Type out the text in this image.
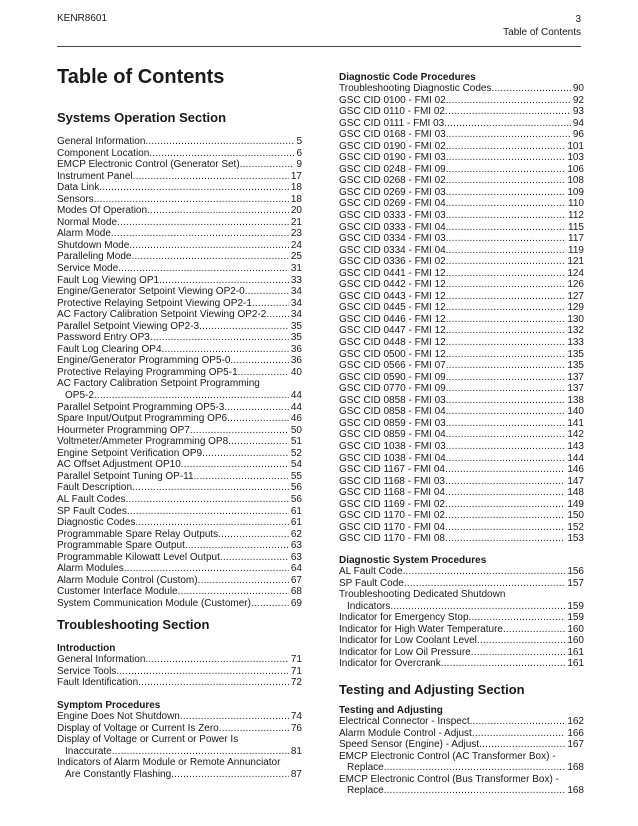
KENR8601	3
Table of Contents
Table of Contents
Systems Operation Section
General Information .....	5
Component Location .....	6
EMCP Electronic Control (Generator Set) .....	9
Instrument Panel .....	17
Data Link .....	18
Sensors .....	18
Modes Of Operation .....	20
Normal Mode .....	21
Alarm Mode .....	23
Shutdown Mode .....	24
Paralleling Mode .....	25
Service Mode .....	31
Fault Log Viewing OP1 .....	33
Engine/Generator Setpoint Viewing OP2-0 .....	34
Protective Relaying Setpoint Viewing OP2-1 .....	34
AC Factory Calibration Setpoint Viewing OP2-2 ..... 34
Parallel Setpoint Viewing OP2-3 .....	35
Password Entry OP3 .....	35
Fault Log Clearing OP4 .....	36
Engine/Generator Programming OP5-0 .....	36
Protective Relaying Programming OP5-1 .....	40
AC Factory Calibration Setpoint Programming
OP5-2 .....	44
Parallel Setpoint Programming OP5-3 .....	44
Spare Input/Output Programming OP6 .....	46
Hourmeter Programming OP7 .....	50
Voltmeter/Ammeter Programming OP8 .....	51
Engine Setpoint Verification OP9 .....	52
AC Offset Adjustment OP10 .....	54
Parallel Setpoint Tuning OP-11 .....	55
Fault Description .....	56
AL Fault Codes .....	56
SP Fault Codes .....	61
Diagnostic Codes .....	61
Programmable Spare Relay Outputs .....	62
Programmable Spare Output .....	63
Programmable Kilowatt Level Output .....	63
Alarm Modules .....	64
Alarm Module Control (Custom) .....	67
Customer Interface Module .....	68
System Communication Module (Customer) .....	69
Troubleshooting Section
Introduction
General Information .....	71
Service Tools .....	71
Fault Identification .....	72
Symptom Procedures
Engine Does Not Shutdown .....	74
Display of Voltage or Current Is Zero .....	76
Display of Voltage or Current or Power Is
Inaccurate .....	81
Indicators of Alarm Module or Remote Annunciator
Are Constantly Flashing .....	87
Diagnostic Code Procedures
Troubleshooting Diagnostic Codes .....	90
GSC CID 0100 - FMI 02 .....	92
GSC CID 0110 - FMI 02 .....	93
GSC CID 0111 - FMI 03 .....	94
GSC CID 0168 - FMI 03 .....	96
GSC CID 0190 - FMI 02 .....	101
GSC CID 0190 - FMI 03 .....	103
GSC CID 0248 - FMI 09 .....	106
GSC CID 0268 - FMI 02 .....	108
GSC CID 0269 - FMI 03 .....	109
GSC CID 0269 - FMI 04 .....	110
GSC CID 0333 - FMI 03 .....	112
GSC CID 0333 - FMI 04 .....	115
GSC CID 0334 - FMI 03 .....	117
GSC CID 0334 - FMI 04 .....	119
GSC CID 0336 - FMI 02 .....	121
GSC CID 0441 - FMI 12 .....	124
GSC CID 0442 - FMI 12 .....	126
GSC CID 0443 - FMI 12 .....	127
GSC CID 0445 - FMI 12 .....	129
GSC CID 0446 - FMI 12 .....	130
GSC CID 0447 - FMI 12 .....	132
GSC CID 0448 - FMI 12 .....	133
GSC CID 0500 - FMI 12 .....	135
GSC CID 0566 - FMI 07 .....	135
GSC CID 0590 - FMI 09 .....	137
GSC CID 0770 - FMI 09 .....	137
GSC CID 0858 - FMI 03 .....	138
GSC CID 0858 - FMI 04 .....	140
GSC CID 0859 - FMI 03 .....	141
GSC CID 0859 - FMI 04 .....	142
GSC CID 1038 - FMI 03 .....	143
GSC CID 1038 - FMI 04 .....	144
GSC CID 1167 - FMI 04 .....	146
GSC CID 1168 - FMI 03 .....	147
GSC CID 1168 - FMI 04 .....	148
GSC CID 1169 - FMI 02 .....	149
GSC CID 1170 - FMI 02 .....	150
GSC CID 1170 - FMI 04 .....	152
GSC CID 1170 - FMI 08 .....	153
Diagnostic System Procedures
AL Fault Code .....	156
SP Fault Code .....	157
Troubleshooting Dedicated Shutdown
Indicators .....	159
Indicator for Emergency Stop .....	159
Indicator for High Water Temperature .....	160
Indicator for Low Coolant Level .....	160
Indicator for Low Oil Pressure .....	161
Indicator for Overcrank .....	161
Testing and Adjusting Section
Testing and Adjusting
Electrical Connector - Inspect .....	162
Alarm Module Control - Adjust .....	166
Speed Sensor (Engine) - Adjust .....	167
EMCP Electronic Control (AC Transformer Box) -
Replace .....	168
EMCP Electronic Control (Bus Transformer Box) -
Replace .....	168
